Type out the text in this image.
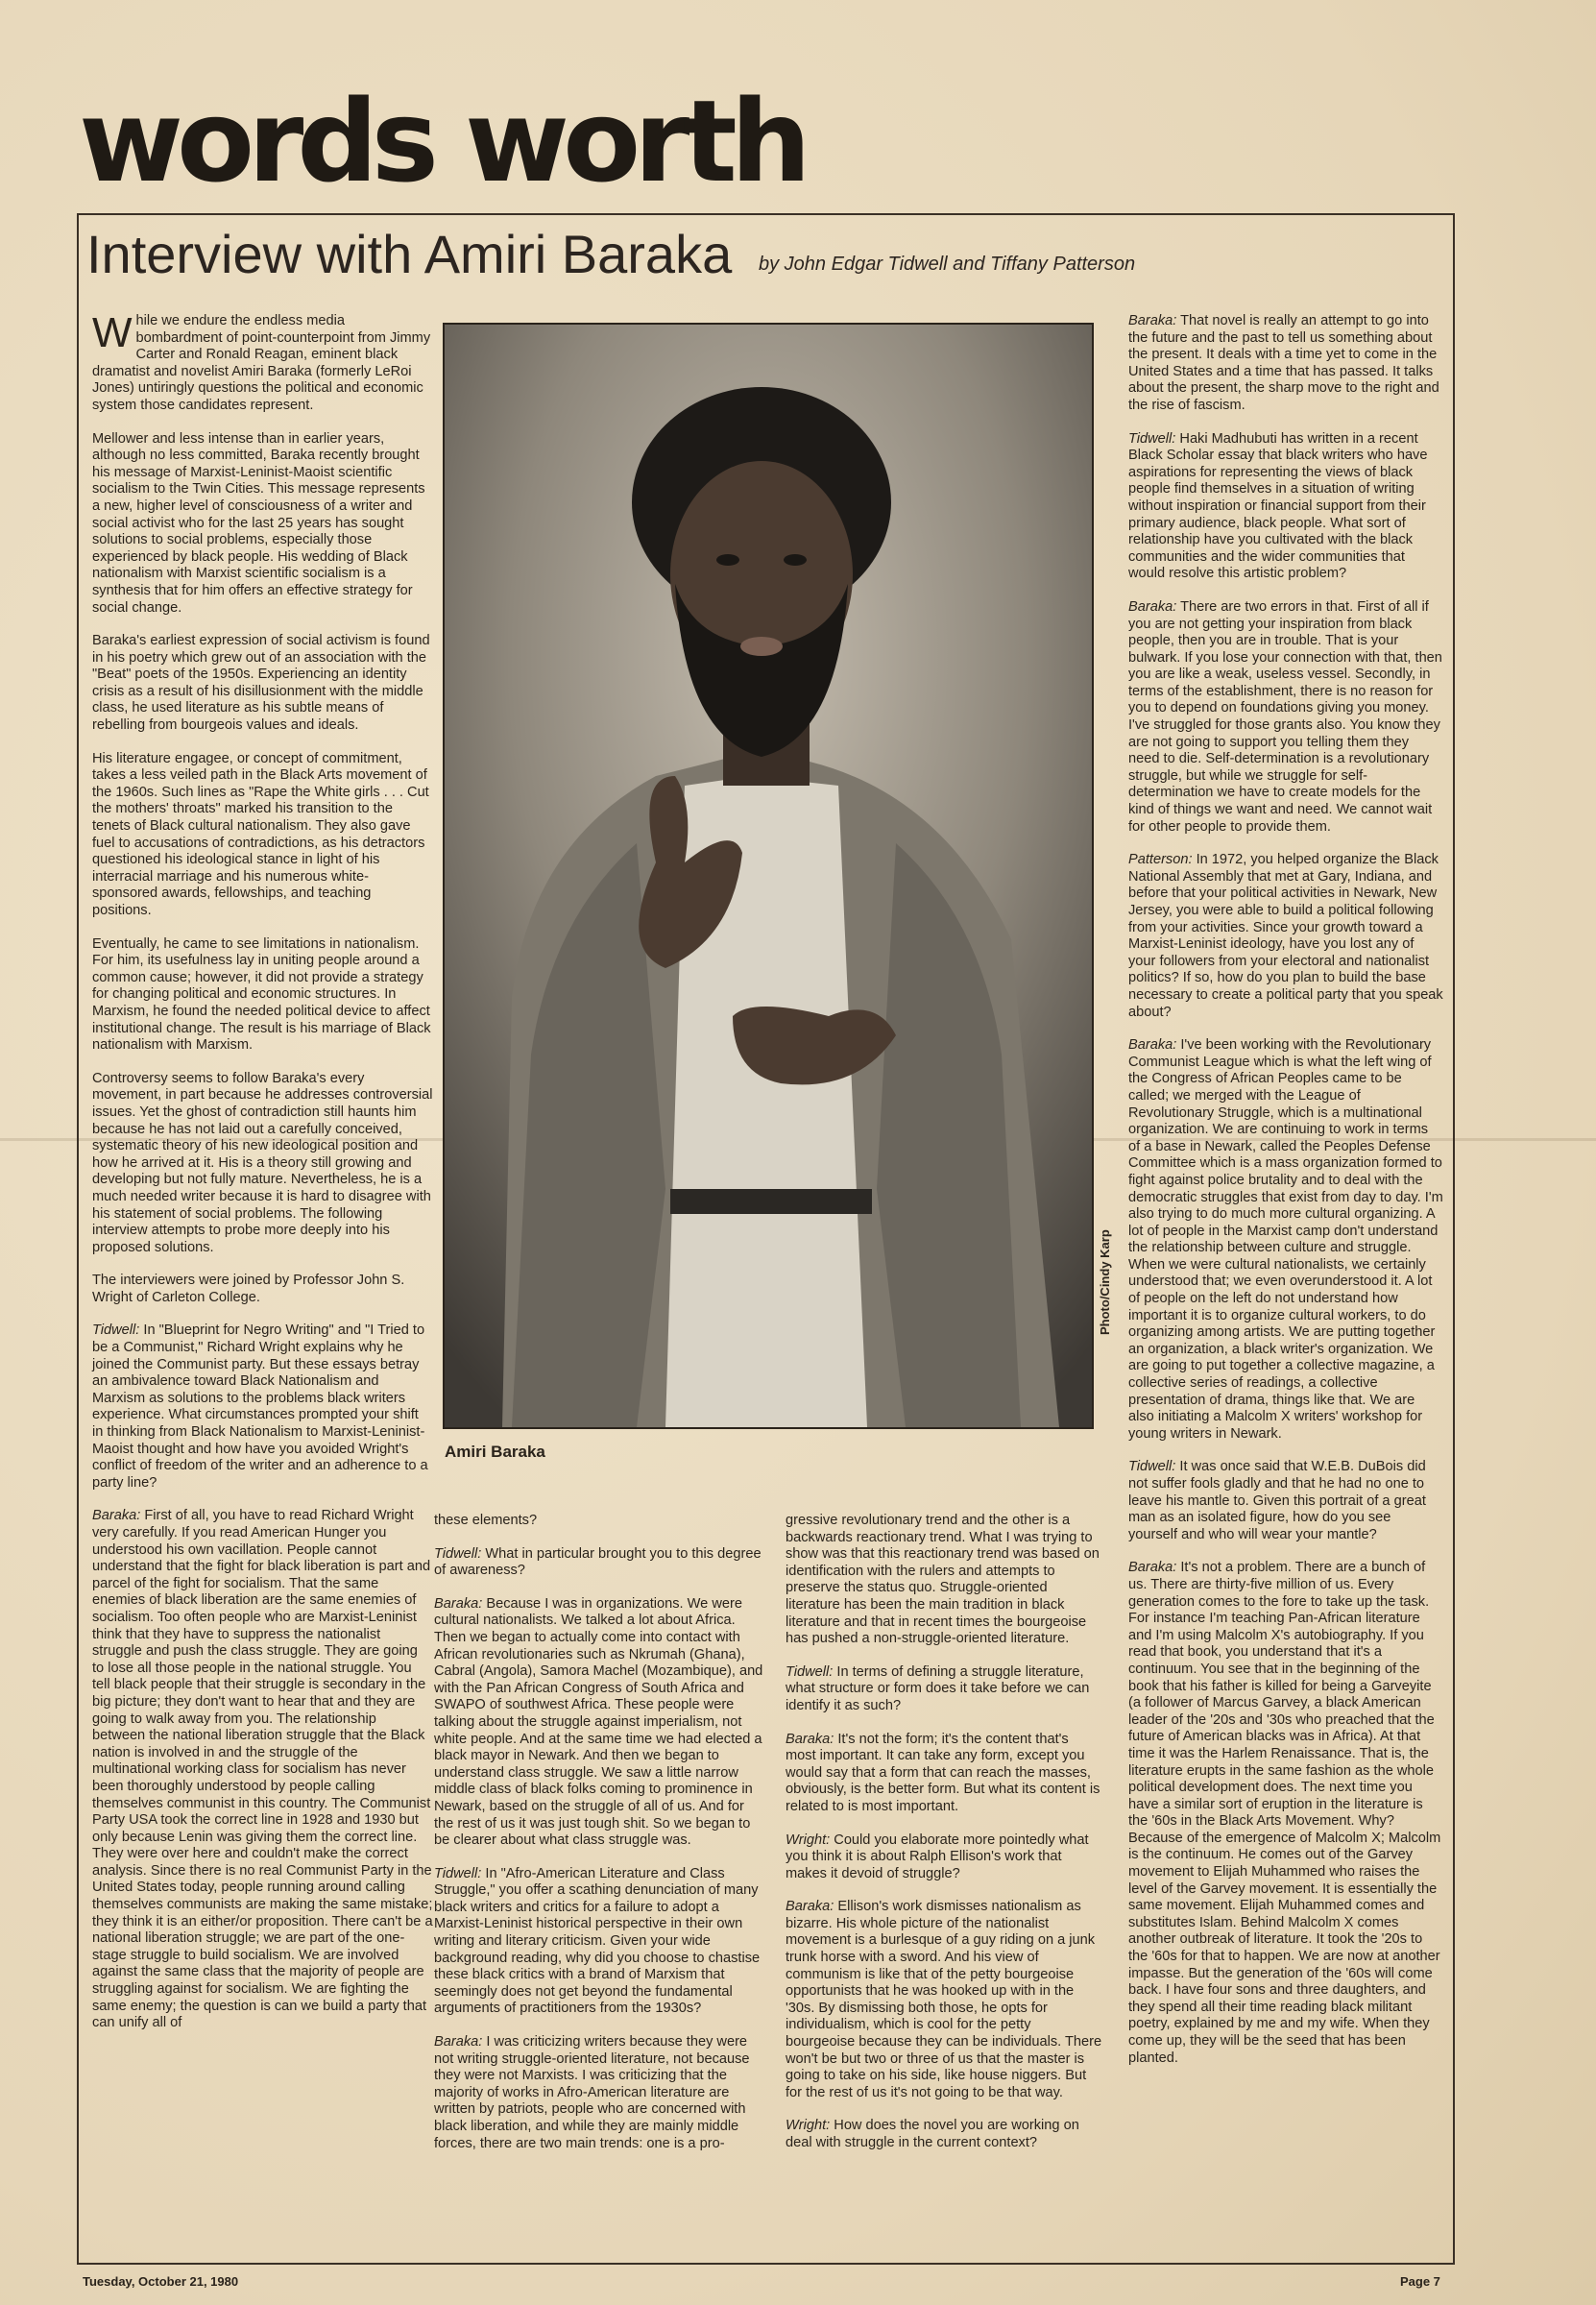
words worth
Interview with Amiri Baraka by John Edgar Tidwell and Tiffany Patterson

While we endure the endless media bombardment of point-counterpoint from Jimmy Carter and Ronald Reagan, eminent black dramatist and novelist Amiri Baraka (formerly LeRoi Jones) untiringly questions the political and economic system those candidates represent.

Mellower and less intense than in earlier years, although no less committed, Baraka recently brought his message of Marxist-Leninist-Maoist scientific socialism to the Twin Cities. This message represents a new, higher level of consciousness of a writer and social activist who for the last 25 years has sought solutions to social problems, especially those experienced by black people. His wedding of Black nationalism with Marxist scientific socialism is a synthesis that for him offers an effective strategy for social change.

Baraka's earliest expression of social activism is found in his poetry which grew out of an association with the "Beat" poets of the 1950s. Experiencing an identity crisis as a result of his disillusionment with the middle class, he used literature as his subtle means of rebelling from bourgeois values and ideals.

His literature engagee, or concept of commitment, takes a less veiled path in the Black Arts movement of the 1960s. Such lines as "Rape the White girls . . . Cut the mothers' throats" marked his transition to the tenets of Black cultural nationalism. They also gave fuel to accusations of contradictions, as his detractors questioned his ideological stance in light of his interracial marriage and his numerous white-sponsored awards, fellowships, and teaching positions.

Eventually, he came to see limitations in nationalism. For him, its usefulness lay in uniting people around a common cause; however, it did not provide a strategy for changing political and economic structures. In Marxism, he found the needed political device to affect institutional change. The result is his marriage of Black nationalism with Marxism.

Controversy seems to follow Baraka's every movement, in part because he addresses controversial issues. Yet the ghost of contradiction still haunts him because he has not laid out a carefully conceived, systematic theory of his new ideological position and how he arrived at it. His is a theory still growing and developing but not fully mature. Nevertheless, he is a much needed writer because it is hard to disagree with his statement of social problems. The following interview attempts to probe more deeply into his proposed solutions.

The interviewers were joined by Professor John S. Wright of Carleton College.

Tidwell: In "Blueprint for Negro Writing" and "I Tried to be a Communist," Richard Wright explains why he joined the Communist party. But these essays betray an ambivalence toward Black Nationalism and Marxism as solutions to the problems black writers experience. What circumstances prompted your shift in thinking from Black Nationalism to Marxist-Leninist-Maoist thought and how have you avoided Wright's conflict of freedom of the writer and an adherence to a party line?

Baraka: First of all, you have to read Richard Wright very carefully. If you read American Hunger you understood his own vacillation. People cannot understand that the fight for black liberation is part and parcel of the fight for socialism. That the same enemies of black liberation are the same enemies of socialism. Too often people who are Marxist-Leninist think that they have to suppress the nationalist struggle and push the class struggle. They are going to lose all those people in the national struggle. You tell black people that their struggle is secondary in the big picture; they don't want to hear that and they are going to walk away from you. The relationship between the national liberation struggle that the Black nation is involved in and the struggle of the multinational working class for socialism has never been thoroughly understood by people calling themselves communist in this country. The Communist Party USA took the correct line in 1928 and 1930 but only because Lenin was giving them the correct line. They were over here and couldn't make the correct analysis. Since there is no real Communist Party in the United States today, people running around calling themselves communists are making the same mistake; they think it is an either/or proposition. There can't be a national liberation struggle; we are part of the one-stage struggle to build socialism. We are involved against the same class that the majority of people are struggling against for socialism. We are fighting the same enemy; the question is can we build a party that can unify all of

Photo/Cindy Karp
Amiri Baraka

these elements?

Tidwell: What in particular brought you to this degree of awareness?

Baraka: Because I was in organizations. We were cultural nationalists. We talked a lot about Africa. Then we began to actually come into contact with African revolutionaries such as Nkrumah (Ghana), Cabral (Angola), Samora Machel (Mozambique), and with the Pan African Congress of South Africa and SWAPO of southwest Africa. These people were talking about the struggle against imperialism, not white people. And at the same time we had elected a black mayor in Newark. And then we began to understand class struggle. We saw a little narrow middle class of black folks coming to prominence in Newark, based on the struggle of all of us. And for the rest of us it was just tough shit. So we began to be clearer about what class struggle was.

Tidwell: In "Afro-American Literature and Class Struggle," you offer a scathing denunciation of many black writers and critics for a failure to adopt a Marxist-Leninist historical perspective in their own writing and literary criticism. Given your wide background reading, why did you choose to chastise these black critics with a brand of Marxism that seemingly does not get beyond the fundamental arguments of practitioners from the 1930s?

Baraka: I was criticizing writers because they were not writing struggle-oriented literature, not because they were not Marxists. I was criticizing that the majority of works in Afro-American literature are written by patriots, people who are concerned with black liberation, and while they are mainly middle forces, there are two main trends: one is a pro-

gressive revolutionary trend and the other is a backwards reactionary trend. What I was trying to show was that this reactionary trend was based on identification with the rulers and attempts to preserve the status quo. Struggle-oriented literature has been the main tradition in black literature and that in recent times the bourgeoise has pushed a non-struggle-oriented literature.

Tidwell: In terms of defining a struggle literature, what structure or form does it take before we can identify it as such?

Baraka: It's not the form; it's the content that's most important. It can take any form, except you would say that a form that can reach the masses, obviously, is the better form. But what its content is related to is most important.

Wright: Could you elaborate more pointedly what you think it is about Ralph Ellison's work that makes it devoid of struggle?

Baraka: Ellison's work dismisses nationalism as bizarre. His whole picture of the nationalist movement is a burlesque of a guy riding on a junk trunk horse with a sword. And his view of communism is like that of the petty bourgeoise opportunists that he was hooked up with in the '30s. By dismissing both those, he opts for individualism, which is cool for the petty bourgeoise because they can be individuals. There won't be but two or three of us that the master is going to take on his side, like house niggers. But for the rest of us it's not going to be that way.

Wright: How does the novel you are working on deal with struggle in the current context?

Baraka: That novel is really an attempt to go into the future and the past to tell us something about the present. It deals with a time yet to come in the United States and a time that has passed. It talks about the present, the sharp move to the right and the rise of fascism.

Tidwell: Haki Madhubuti has written in a recent Black Scholar essay that black writers who have aspirations for representing the views of black people find themselves in a situation of writing without inspiration or financial support from their primary audience, black people. What sort of relationship have you cultivated with the black communities and the wider communities that would resolve this artistic problem?

Baraka: There are two errors in that. First of all if you are not getting your inspiration from black people, then you are in trouble. That is your bulwark. If you lose your connection with that, then you are like a weak, useless vessel. Secondly, in terms of the establishment, there is no reason for you to depend on foundations giving you money. I've struggled for those grants also. You know they are not going to support you telling them they need to die. Self-determination is a revolutionary struggle, but while we struggle for self-determination we have to create models for the kind of things we want and need. We cannot wait for other people to provide them.

Patterson: In 1972, you helped organize the Black National Assembly that met at Gary, Indiana, and before that your political activities in Newark, New Jersey, you were able to build a political following from your activities. Since your growth toward a Marxist-Leninist ideology, have you lost any of your followers from your electoral and nationalist politics? If so, how do you plan to build the base necessary to create a political party that you speak about?

Baraka: I've been working with the Revolutionary Communist League which is what the left wing of the Congress of African Peoples came to be called; we merged with the League of Revolutionary Struggle, which is a multinational organization. We are continuing to work in terms of a base in Newark, called the Peoples Defense Committee which is a mass organization formed to fight against police brutality and to deal with the democratic struggles that exist from day to day. I'm also trying to do much more cultural organizing. A lot of people in the Marxist camp don't understand the relationship between culture and struggle. When we were cultural nationalists, we certainly understood that; we even overunderstood it. A lot of people on the left do not understand how important it is to organize cultural workers, to do organizing among artists. We are putting together an organization, a black writer's organization. We are going to put together a collective magazine, a collective series of readings, a collective presentation of drama, things like that. We are also initiating a Malcolm X writers' workshop for young writers in Newark.

Tidwell: It was once said that W.E.B. DuBois did not suffer fools gladly and that he had no one to leave his mantle to. Given this portrait of a great man as an isolated figure, how do you see yourself and who will wear your mantle?

Baraka: It's not a problem. There are a bunch of us. There are thirty-five million of us. Every generation comes to the fore to take up the task. For instance I'm teaching Pan-African literature and I'm using Malcolm X's autobiography. If you read that book, you understand that it's a continuum. You see that in the beginning of the book that his father is killed for being a Garveyite (a follower of Marcus Garvey, a black American leader of the '20s and '30s who preached that the future of American blacks was in Africa). At that time it was the Harlem Renaissance. That is, the literature erupts in the same fashion as the whole political development does. The next time you have a similar sort of eruption in the literature is the '60s in the Black Arts Movement. Why? Because of the emergence of Malcolm X; Malcolm is the continuum. He comes out of the Garvey movement to Elijah Muhammed who raises the level of the Garvey movement. It is essentially the same movement. Elijah Muhammed comes and substitutes Islam. Behind Malcolm X comes another outbreak of literature. It took the '20s to the '60s for that to happen. We are now at another impasse. But the generation of the '60s will come back. I have four sons and three daughters, and they spend all their time reading black militant poetry, explained by me and my wife. When they come up, they will be the seed that has been planted.

Tuesday, October 21, 1980	Page 7
